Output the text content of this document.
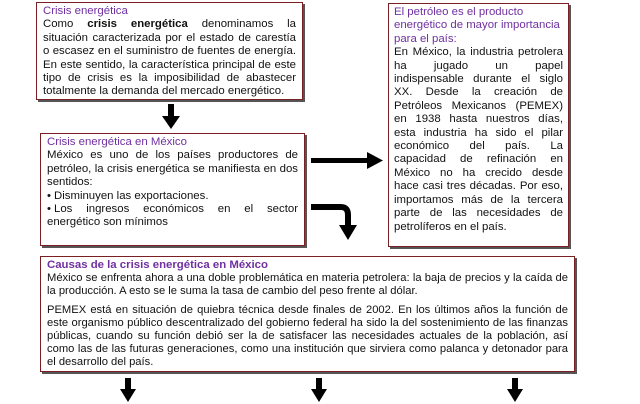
Crisis energética
Como crisis energética denominamos la situación caracterizada por el estado de carestía o escasez en el suministro de fuentes de energía. En este sentido, la característica principal de este tipo de crisis es la imposibilidad de abastecer totalmente la demanda del mercado energético.
Crisis energética en México
México es uno de los países productores de petróleo, la crisis energética se manifiesta en dos sentidos:
• Disminuyen las exportaciones.
• Los ingresos económicos en el sector energético son mínimos
El petróleo es el producto energético de mayor importancia para el país:
En México, la industria petrolera ha jugado un papel indispensable durante el siglo XX. Desde la creación de Petróleos Mexicanos (PEMEX) en 1938 hasta nuestros días, esta industria ha sido el pilar económico del país. La capacidad de refinación en México no ha crecido desde hace casi tres décadas. Por eso, importamos más de la tercera parte de las necesidades de petrolíferos en el país.
Causas de la crisis energética en México

México se enfrenta ahora a una doble problemática en materia petrolera: la baja de precios y la caída de la producción. A esto se le suma la tasa de cambio del peso frente al dólar.

PEMEX está en situación de quiebra técnica desde finales de 2002. En los últimos años la función de este organismo público descentralizado del gobierno federal ha sido la del sostenimiento de las finanzas públicas, cuando su función debió ser la de satisfacer las necesidades actuales de la población, así como las de las futuras generaciones, como una institución que sirviera como palanca y detonador para el desarrollo del país.
